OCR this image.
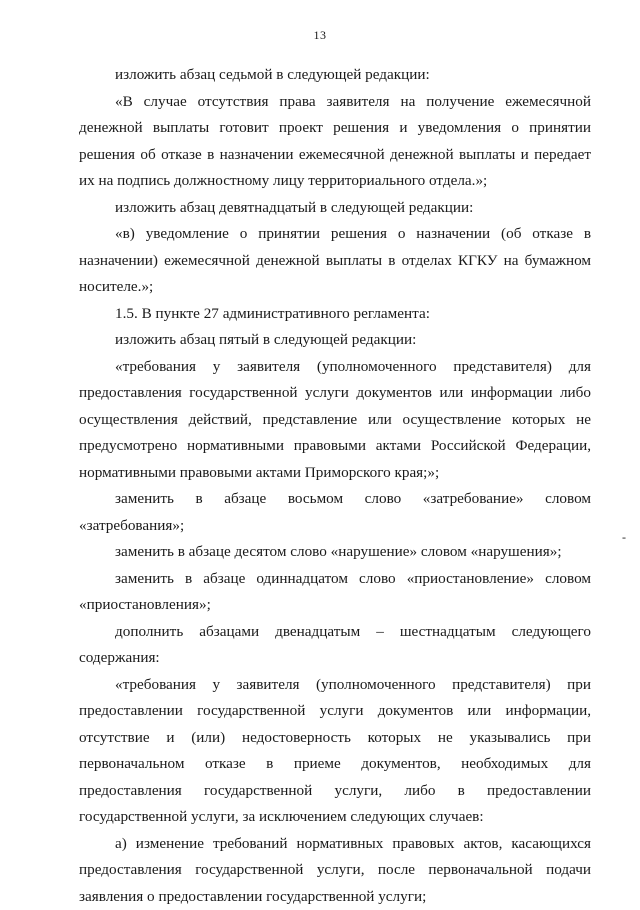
13

изложить абзац седьмой в следующей редакции:

«В случае отсутствия права заявителя на получение ежемесячной денежной выплаты готовит проект решения и уведомления о принятии решения об отказе в назначении ежемесячной денежной выплаты и передает их на подпись должностному лицу территориального отдела.»;

изложить абзац девятнадцатый в следующей редакции:

«в) уведомление о принятии решения о назначении (об отказе в назначении) ежемесячной денежной выплаты в отделах КГКУ на бумажном носителе.»;

1.5. В пункте 27 административного регламента:

изложить абзац пятый в следующей редакции:

«требования у заявителя (уполномоченного представителя) для предоставления государственной услуги документов или информации либо осуществления действий, представление или осуществление которых не предусмотрено нормативными правовыми актами Российской Федерации, нормативными правовыми актами Приморского края;»;

заменить в абзаце восьмом слово «затребование» словом «затребования»;

заменить в абзаце десятом слово «нарушение» словом «нарушения»;

заменить в абзаце одиннадцатом слово «приостановление» словом «приостановления»;

дополнить абзацами двенадцатым – шестнадцатым следующего содержания:

«требования у заявителя (уполномоченного представителя) при предоставлении государственной услуги документов или информации, отсутствие и (или) недостоверность которых не указывались при первоначальном отказе в приеме документов, необходимых для предоставления государственной услуги, либо в предоставлении государственной услуги, за исключением следующих случаев:

а) изменение требований нормативных правовых актов, касающихся предоставления государственной услуги, после первоначальной подачи заявления о предоставлении государственной услуги;

-
